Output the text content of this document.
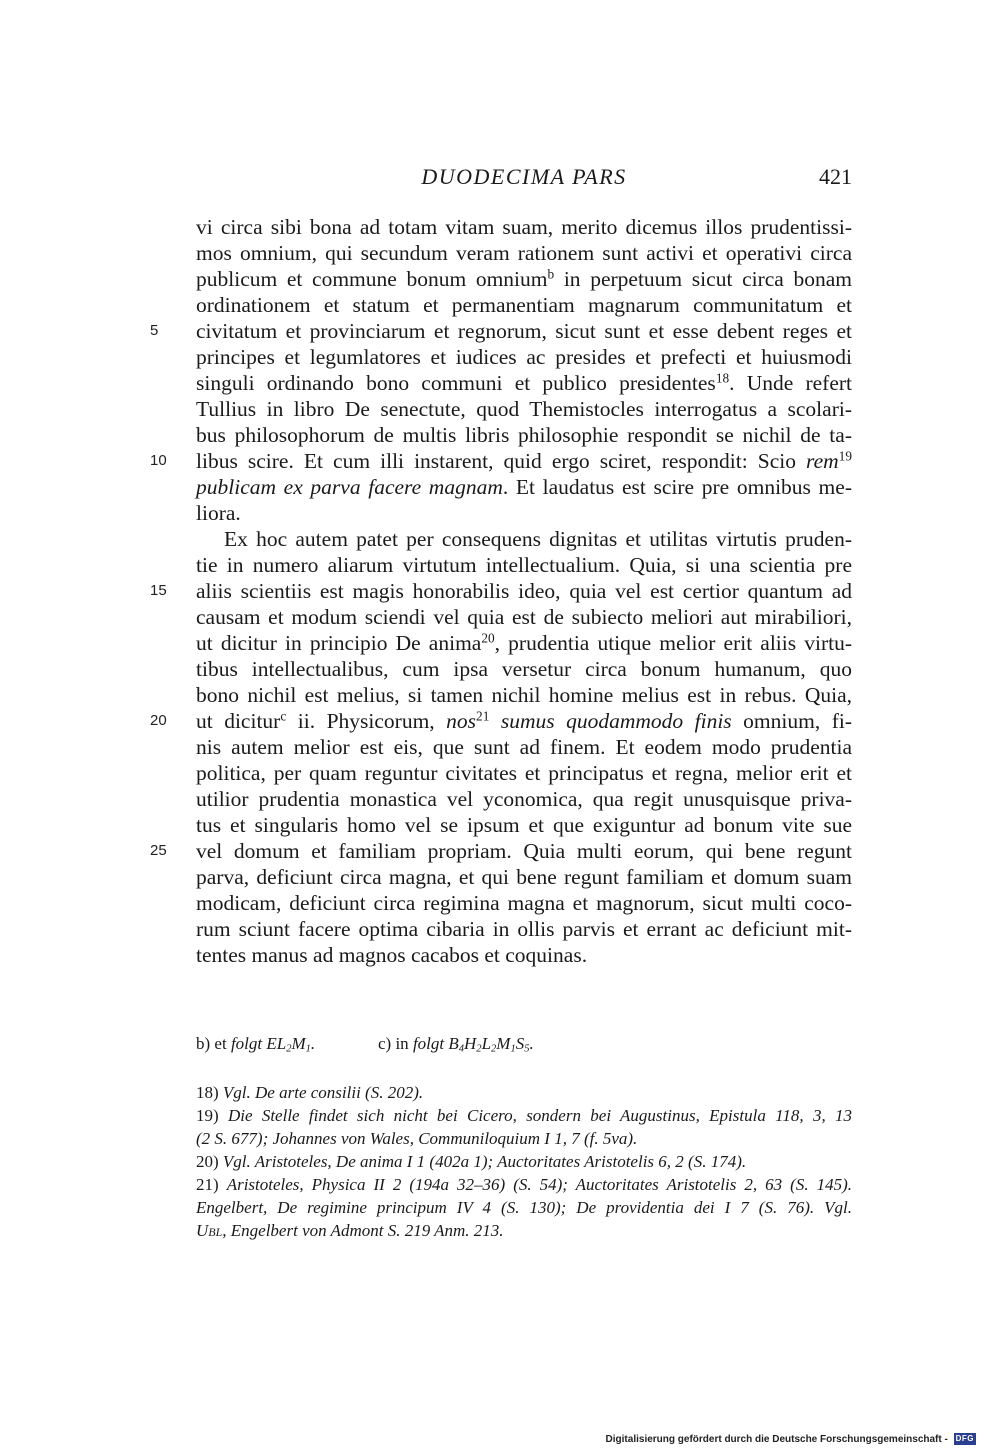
DUODECIMA PARS	421
vi circa sibi bona ad totam vitam suam, merito dicemus illos prudentissi-
mos omnium, qui secundum veram rationem sunt activi et operativi circa
publicum et commune bonum omnium$^b$ in perpetuum sicut circa bonam
ordinationem et statum et permanentiam magnarum communitatum et
5	civitatum et provinciarum et regnorum, sicut sunt et esse debent reges et
principes et legumlatores et iudices ac presides et prefecti et huiusmodi
singuli ordinando bono communi et publico presidentes$^{18}$. Unde refert
Tullius in libro De senectute, quod Themistocles interrogatus a scolari-
bus philosophorum de multis libris philosophie respondit se nichil de ta-
10	libus scire. Et cum illi instarent, quid ergo sciret, respondit: Scio rem$^{19}$
publicam ex parva facere magnam. Et laudatus est scire pre omnibus me-
liora.
Ex hoc autem patet per consequens dignitas et utilitas virtutis pruden-
tie in numero aliarum virtutum intellectualium. Quia, si una scientia pre
15	aliis scientiis est magis honorabilis ideo, quia vel est certior quantum ad
causam et modum sciendi vel quia est de subiecto meliori aut mirabiliori,
ut dicitur in principio De anima$^{20}$, prudentia utique melior erit aliis virtu-
tibus intellectualibus, cum ipsa versetur circa bonum humanum, quo
bono nichil est melius, si tamen nichil homine melius est in rebus. Quia,
20	ut dicitur$^c$ ii. Physicorum, nos$^{21}$ sumus quodammodo finis omnium, fi-
nis autem melior est eis, que sunt ad finem. Et eodem modo prudentia
politica, per quam reguntur civitates et principatus et regna, melior erit et
utilior prudentia monastica vel yconomica, qua regit unusquisque priva-
tus et singularis homo vel se ipsum et que exiguntur ad bonum vite sue
25	vel domum et familiam propriam. Quia multi eorum, qui bene regunt
parva, deficiunt circa magna, et qui bene regunt familiam et domum suam
modicam, deficiunt circa regimina magna et magnorum, sicut multi coco-
rum sciunt facere optima cibaria in ollis parvis et errant ac deficiunt mit-
tentes manus ad magnos cacabos et coquinas.
b) et folgt $EL_2M_1$.	c) in folgt $B_4H_2L_2M_1S_5$.
18) Vgl. De arte consilii (S. 202).
19) Die Stelle findet sich nicht bei Cicero, sondern bei Augustinus, Epistula 118, 3, 13
(2 S. 677); Johannes von Wales, Communiloquium I 1, 7 (f. 5va).
20) Vgl. Aristoteles, De anima I 1 (402a 1); Auctoritates Aristotelis 6, 2 (S. 174).
21) Aristoteles, Physica II 2 (194a 32–36) (S. 54); Auctoritates Aristotelis 2, 63 (S. 145).
Engelbert, De regimine principum IV 4 (S. 130); De providentia dei I 7 (S. 76). Vgl.
Ubl, Engelbert von Admont S. 219 Anm. 213.
Digitalisierung gefördert durch die Deutsche Forschungsgemeinschaft - DFG
